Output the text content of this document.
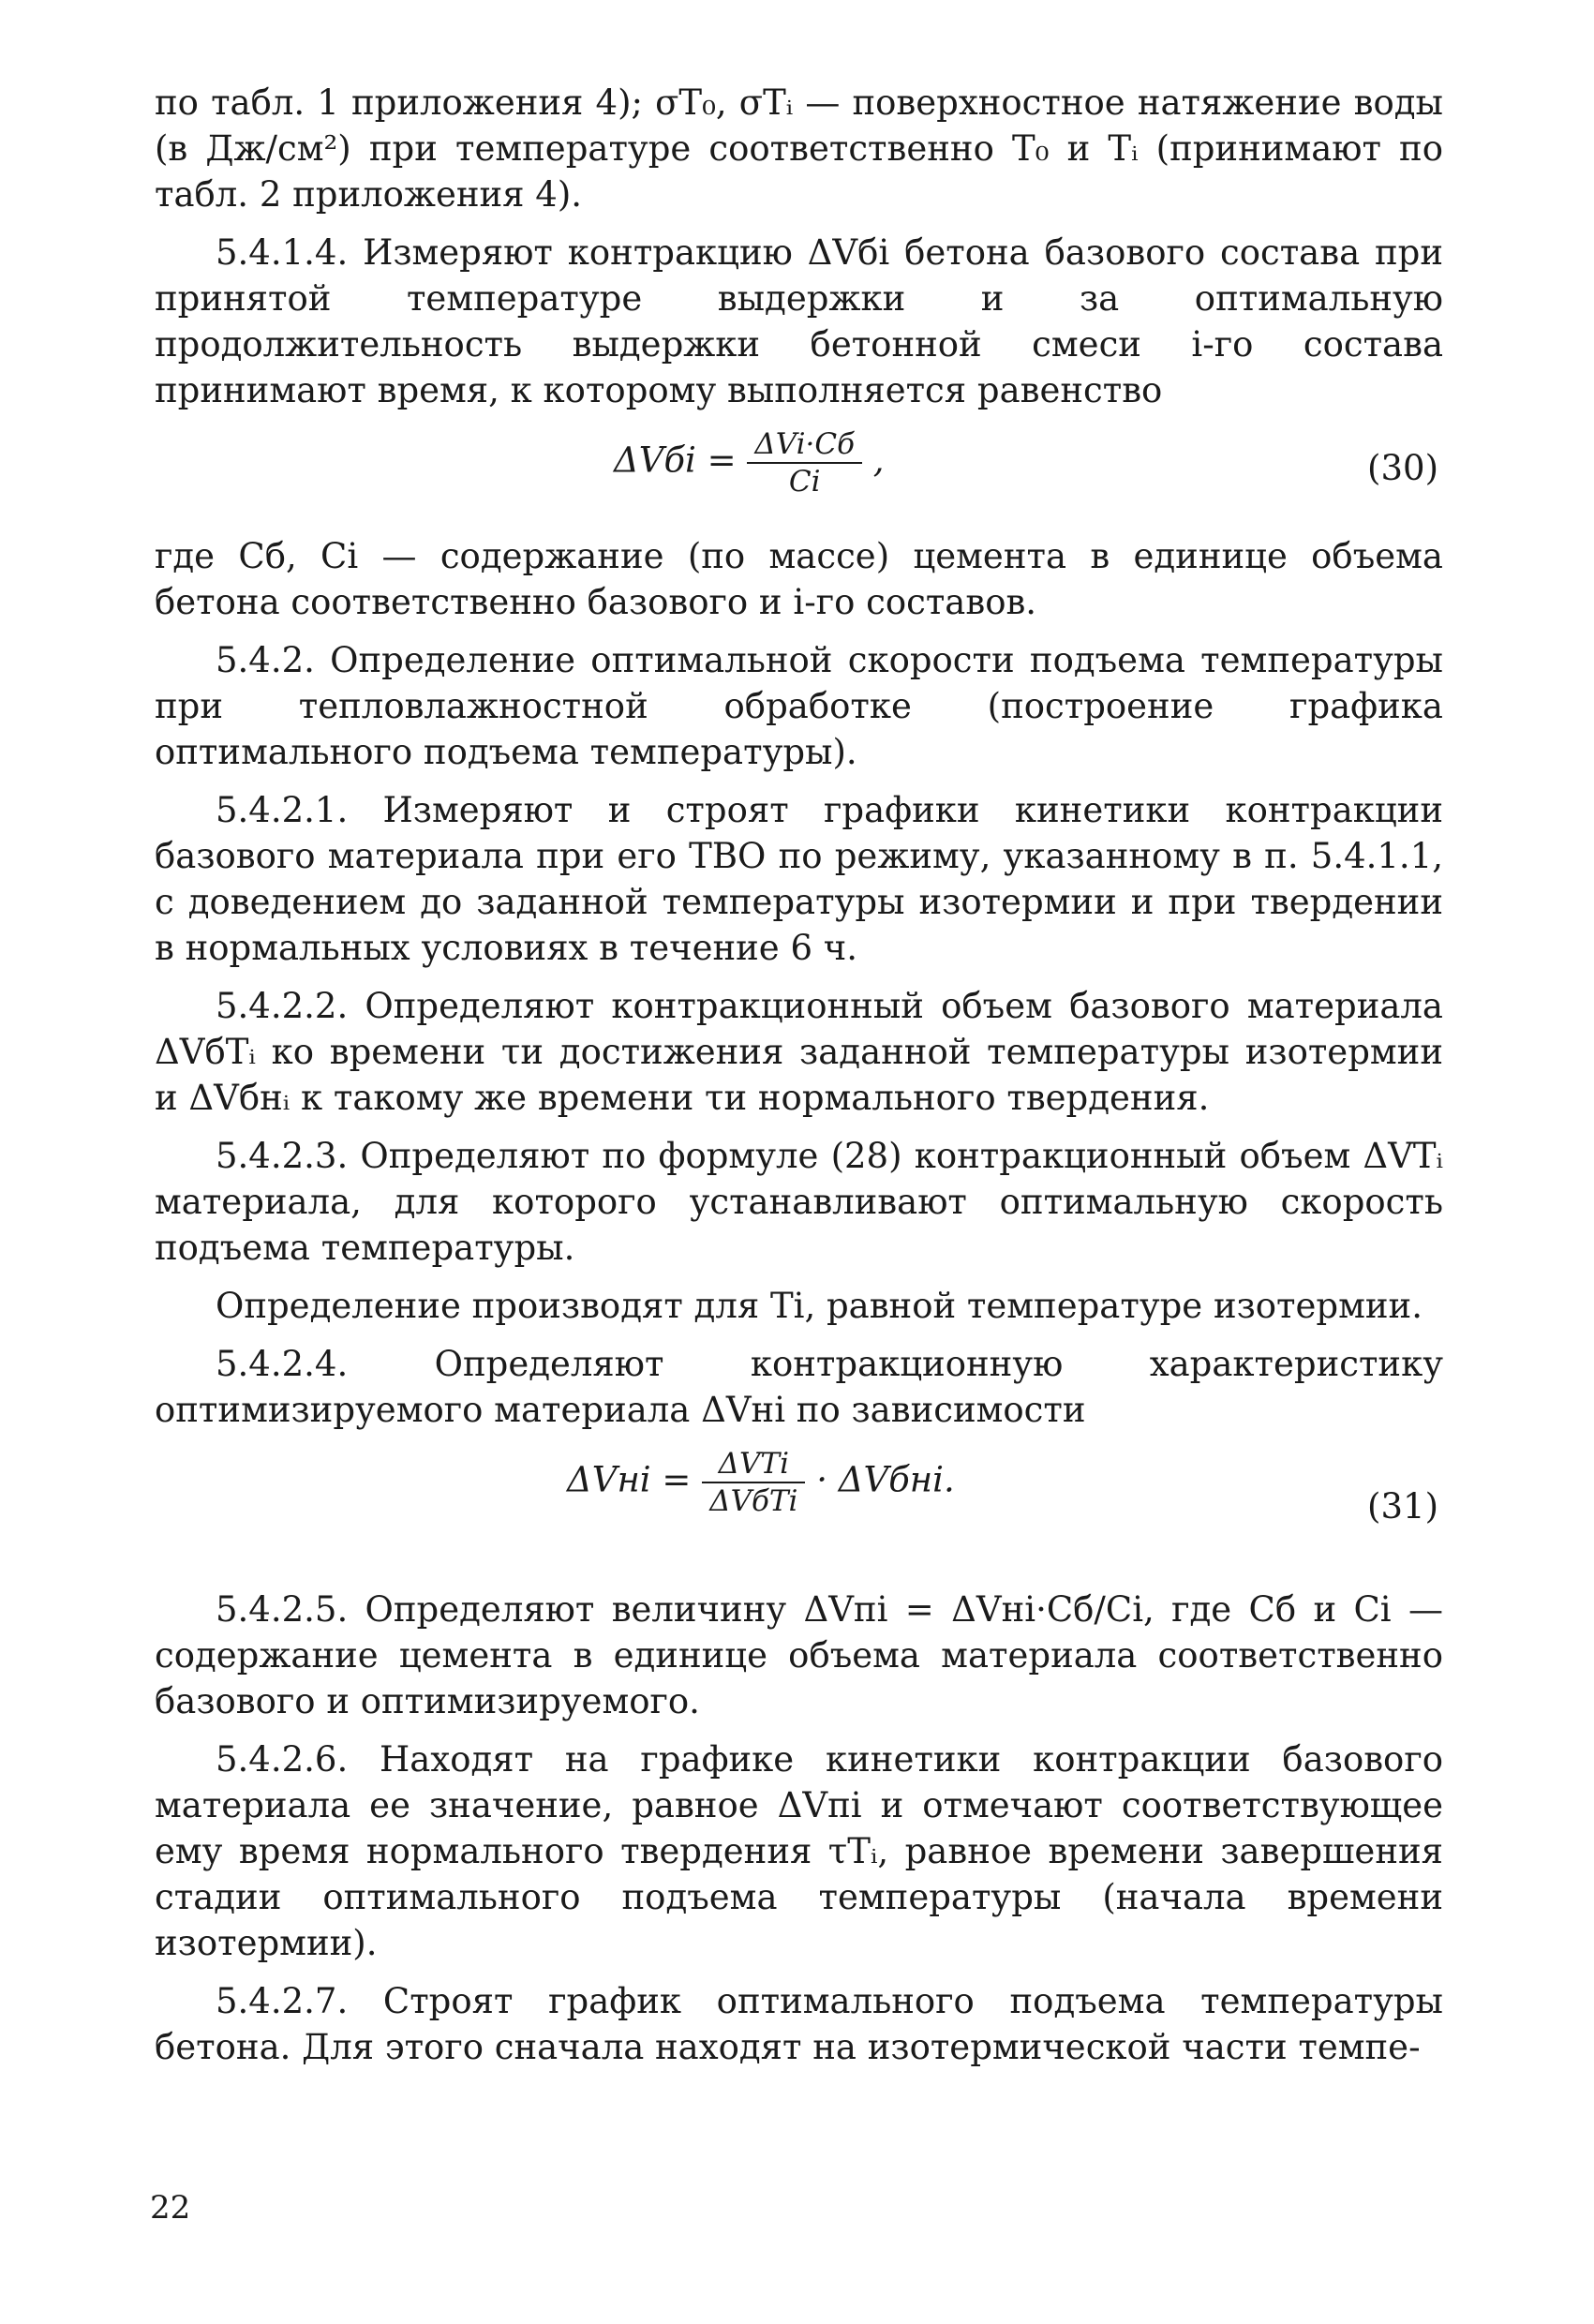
по табл. 1 приложения 4); σT₀, σTᵢ — поверхностное натяжение воды (в Дж/см²) при температуре соответственно T₀ и Tᵢ (принимают по табл. 2 приложения 4).

5.4.1.4. Измеряют контракцию ΔVбi бетона базового состава при принятой температуре выдержки и за оптимальную продолжительность выдержки бетонной смеси i-го состава принимают время, к которому выполняется равенство

$\Delta Vбi = \frac{\text{ΔVi·Cб}}{Ci}$ ,	(30)

где Cб, Ci — содержание (по массе) цемента в единице объема бетона соответственно базового и i-го составов.

5.4.2. Определение оптимальной скорости подъема температуры при тепловлажностной обработке (построение графика оптимального подъема температуры).

5.4.2.1. Измеряют и строят графики кинетики контракции базового материала при его ТВО по режиму, указанному в п. 5.4.1.1, с доведением до заданной температуры изотермии и при твердении в нормальных условиях в течение 6 ч.

5.4.2.2. Определяют контракционный объем базового материала ΔVбTᵢ ко времени τи достижения заданной температуры изотермии и ΔVбнᵢ к такому же времени τи нормального твердения.

5.4.2.3. Определяют по формуле (28) контракционный объем ΔVTᵢ материала, для которого устанавливают оптимальную скорость подъема температуры.

Определение производят для Ti, равной температуре изотермии.

5.4.2.4. Определяют контракционную характеристику оптимизируемого материала ΔVнi по зависимости

$\Delta Vнi = \frac{\text{ΔVTi}}{\text{ΔVбTi}}$ · ΔVбнi.
(31)

5.4.2.5. Определяют величину ΔVпi = ΔVнi·Cб/Ci, где Cб и Ci — содержание цемента в единице объема материала соответственно базового и оптимизируемого.

5.4.2.6. Находят на графике кинетики контракции базового материала ее значение, равное ΔVпi и отмечают соответствующее ему время нормального твердения τTᵢ, равное времени завершения стадии оптимального подъема температуры (начала времени изотермии).

5.4.2.7. Строят график оптимального подъема температуры бетона. Для этого сначала находят на изотермической части темпе-

22
